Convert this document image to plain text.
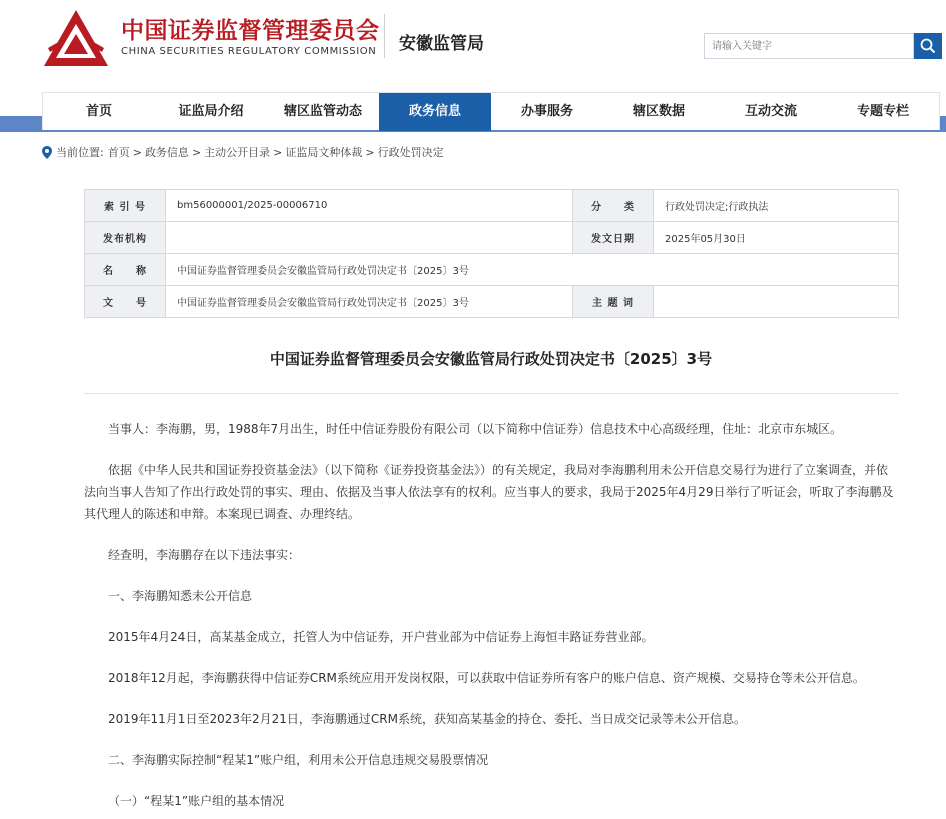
中国证券监督管理委员会
CHINA SECURITIES REGULATORY COMMISSION 安徽监管局
请输入关键字
首页	证监局介绍	辖区监管动态	政务信息	办事服务	辖区数据	互动交流	专题专栏
当前位置: 首页 > 政务信息 > 主动公开目录 > 证监局文种体裁 > 行政处罚决定
索 引 号	bm56000001/2025-00006710	分　　类	行政处罚决定;行政执法
发布机构		发文日期	2025年05月30日
名　　称	中国证券监督管理委员会安徽监管局行政处罚决定书〔2025〕3号		
文　　号	中国证券监督管理委员会安徽监管局行政处罚决定书〔2025〕3号	主 题 词	
中国证券监督管理委员会安徽监管局行政处罚决定书〔2025〕3号

当事人：李海鹏，男，1988年7月出生，时任中信证券股份有限公司（以下简称中信证券）信息技术中心高级经理，住址：北京市东城区。

依据《中华人民共和国证券投资基金法》（以下简称《证券投资基金法》）的有关规定，我局对李海鹏利用未公开信息交易行为进行了立案调查，并依法向当事人告知了作出行政处罚的事实、理由、依据及当事人依法享有的权利。应当事人的要求，我局于2025年4月29日举行了听证会，听取了李海鹏及其代理人的陈述和申辩。本案现已调查、办理终结。

经查明，李海鹏存在以下违法事实：

一、李海鹏知悉未公开信息

2015年4月24日，高某基金成立，托管人为中信证券，开户营业部为中信证券上海恒丰路证券营业部。

2018年12月起，李海鹏获得中信证券CRM系统应用开发岗权限，可以获取中信证券所有客户的账户信息、资产规模、交易持仓等未公开信息。

2019年11月1日至2023年2月21日，李海鹏通过CRM系统，获知高某基金的持仓、委托、当日成交记录等未公开信息。

二、李海鹏实际控制“程某1”账户组，利用未公开信息违规交易股票情况

（一）“程某1”账户组的基本情况
